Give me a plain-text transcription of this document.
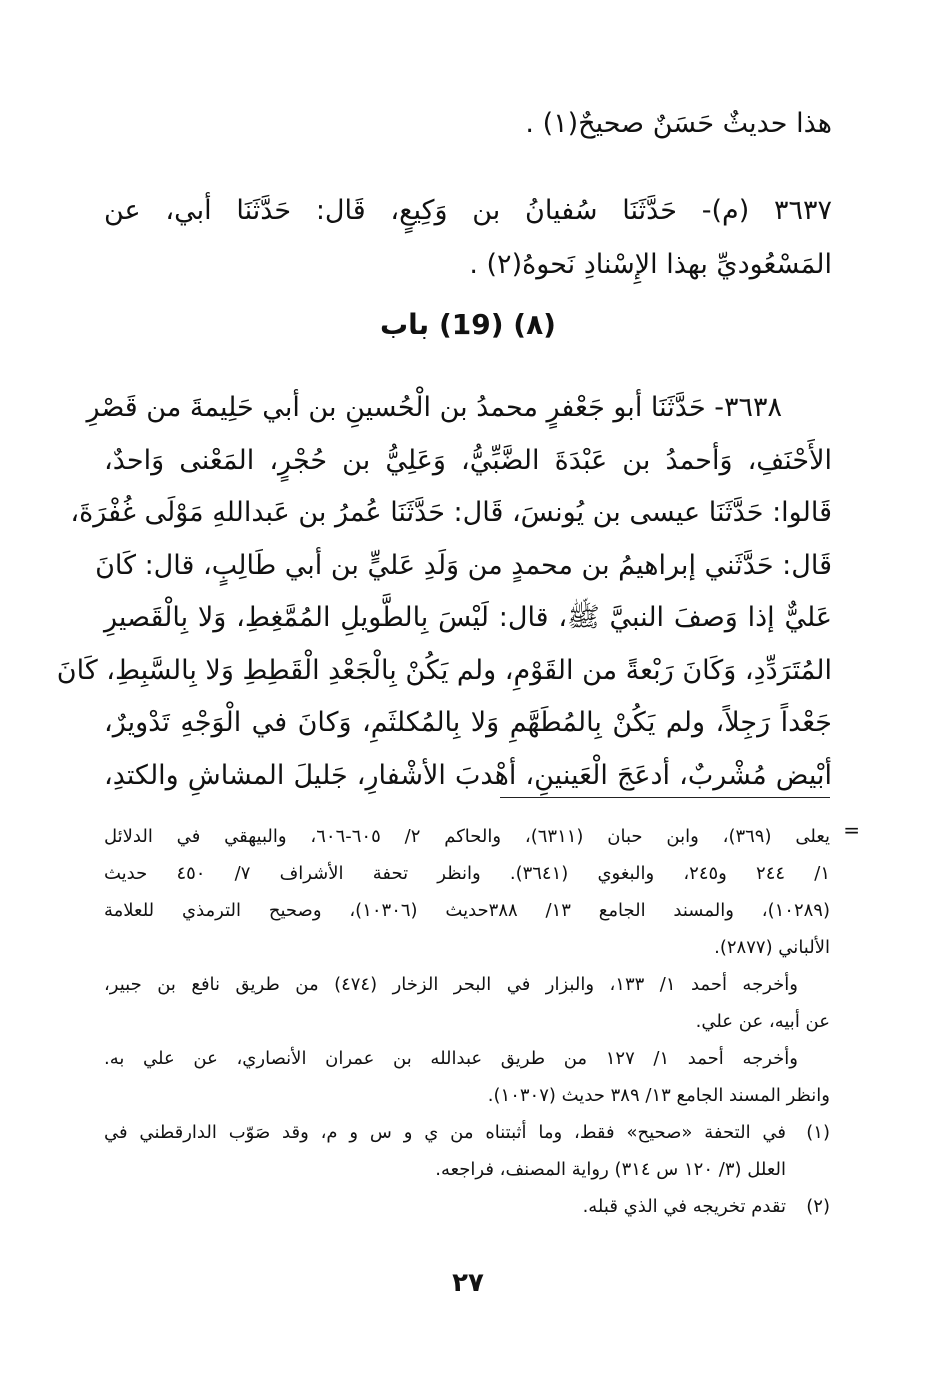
هذا حديثٌ حَسَنٌ صحيحٌ(١) .
٣٦٣٧ (م)- حَدَّثَنَا سُفيانُ بن وَكِيعٍ، قَال: حَدَّثَنَا أبي، عن
المَسْعُوديِّ بهذا الإِسْنادِ نَحوهُ(٢) .
(٨) (19) باب
٣٦٣٨- حَدَّثَنَا أبو جَعْفرٍ محمدُ بن الْحُسينِ بن أبي حَلِيمةَ من قَصْرِ
الأَحْنَفِ، وَأحمدُ بن عَبْدَةَ الضَّبِّيُّ، وَعَلِيُّ بن حُجْرٍ، المَعْنى وَاحدٌ،
قَالوا: حَدَّثَنَا عيسى بن يُونسَ، قَال: حَدَّثَنَا عُمرُ بن عَبداللهِ مَوْلَى غُفْرَةَ،
قَال: حَدَّثَني إبراهيمُ بن محمدٍ من وَلَدِ عَليٍّ بن أبي طَالِبٍ، قال: كَانَ
عَليٌّ إذا وَصفَ النبيَّ ﷺ، قال: لَيْسَ بِالطَّويلِ المُمَّغِطِ، وَلا بِالْقَصيرِ
المُتَرَدِّدِ، وَكَانَ رَبْعةً من القَوْمِ، ولم يَكُنْ بِالْجَعْدِ الْقَطِطِ وَلا بِالسَّبِطِ، كَانَ
جَعْداً رَجِلاً، ولم يَكُنْ بِالمُطَهَّمِ وَلا بِالمُكلثَمِ، وَكانَ في الْوَجْهِ تَدْويرٌ،
أبْيض مُشْربٌ، أدعَجَ الْعَينينِ، أهْدبَ الأشْفارِ، جَليلَ المشاشِ والكتدِ،
=
يعلى (٣٦٩)، وابن حبان (٦٣١١)، والحاكم ٢/ ٦٠٥-٦٠٦، والبيهقي في الدلائل
١/ ٢٤٤ و٢٤٥، والبغوي (٣٦٤١). وانظر تحفة الأشراف ٧/ ٤٥٠ حديث
(١٠٢٨٩)، والمسند الجامع ١٣/ ٣٨٨حديث (١٠٣٠٦)، وصحيح الترمذي للعلامة
الألباني (٢٨٧٧).
وأخرجه أحمد ١/ ١٣٣، والبزار في البحر الزخار (٤٧٤) من طريق نافع بن جبير،
عن أبيه، عن علي.
وأخرجه أحمد ١/ ١٢٧ من طريق عبدالله بن عمران الأنصاري، عن علي به.
وانظر المسند الجامع ١٣/ ٣٨٩ حديث (١٠٣٠٧).
(١)
في التحفة «صحيح» فقط، وما أثبتناه من ي و س و م، وقد صَوّب الدارقطني في
العلل (٣/ ١٢٠ س ٣١٤) رواية المصنف، فراجعه.
(٢)
تقدم تخريجه في الذي قبله.
٢٧
